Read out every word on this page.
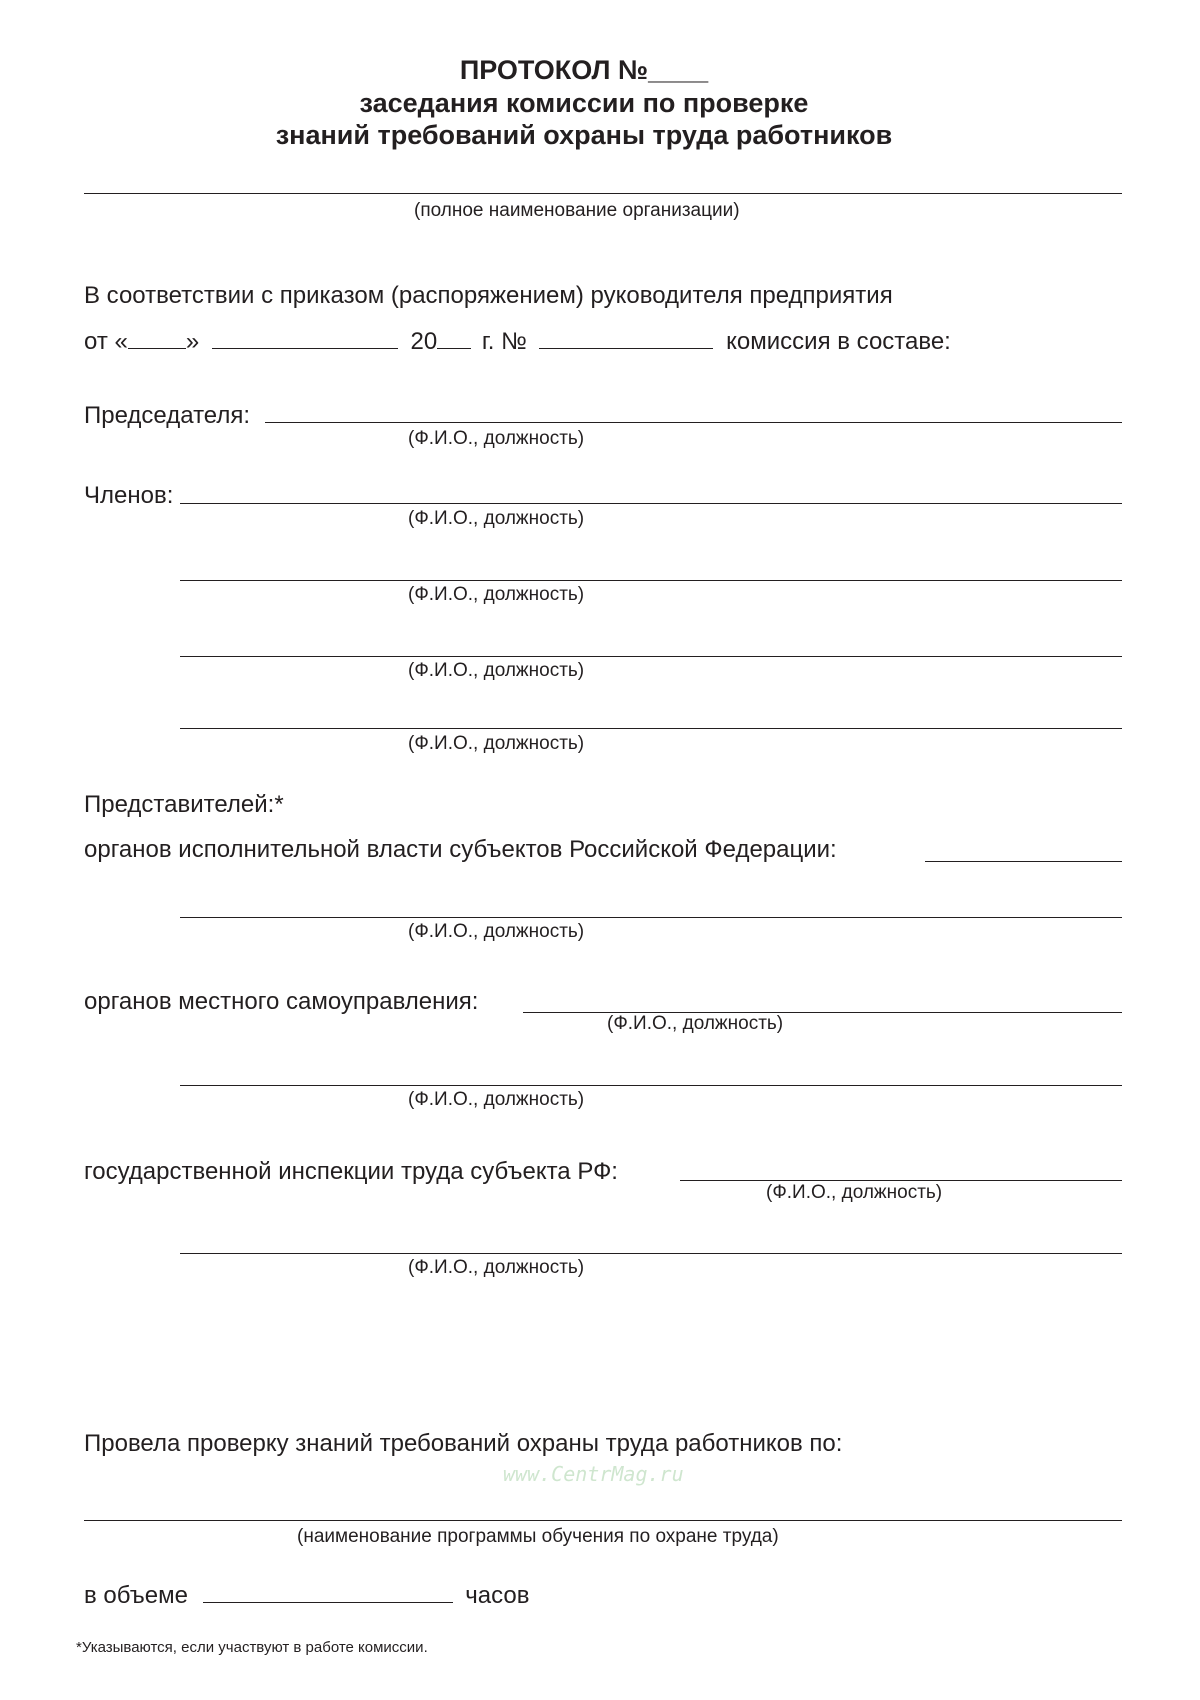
ПРОТОКОЛ №____
заседания комиссии по проверке
знаний требований охраны труда работников
(полное наименование организации)
В соответствии с приказом (распоряжением) руководителя предприятия
от « »	20 г. №	комиссия в составе:
Председателя:
(Ф.И.О., должность)
Членов:
(Ф.И.О., должность)
(Ф.И.О., должность)
(Ф.И.О., должность)
(Ф.И.О., должность)
Представителей:*
органов исполнительной власти субъектов Российской Федерации:
(Ф.И.О., должность)
органов местного самоуправления:
(Ф.И.О., должность)
(Ф.И.О., должность)
государственной инспекции труда субъекта РФ:
(Ф.И.О., должность)
(Ф.И.О., должность)
Провела проверку знаний требований охраны труда работников по:
www.CentrMag.ru
(наименование программы обучения по охране труда)
в объеме	часов
*Указываются, если участвуют в работе комиссии.
